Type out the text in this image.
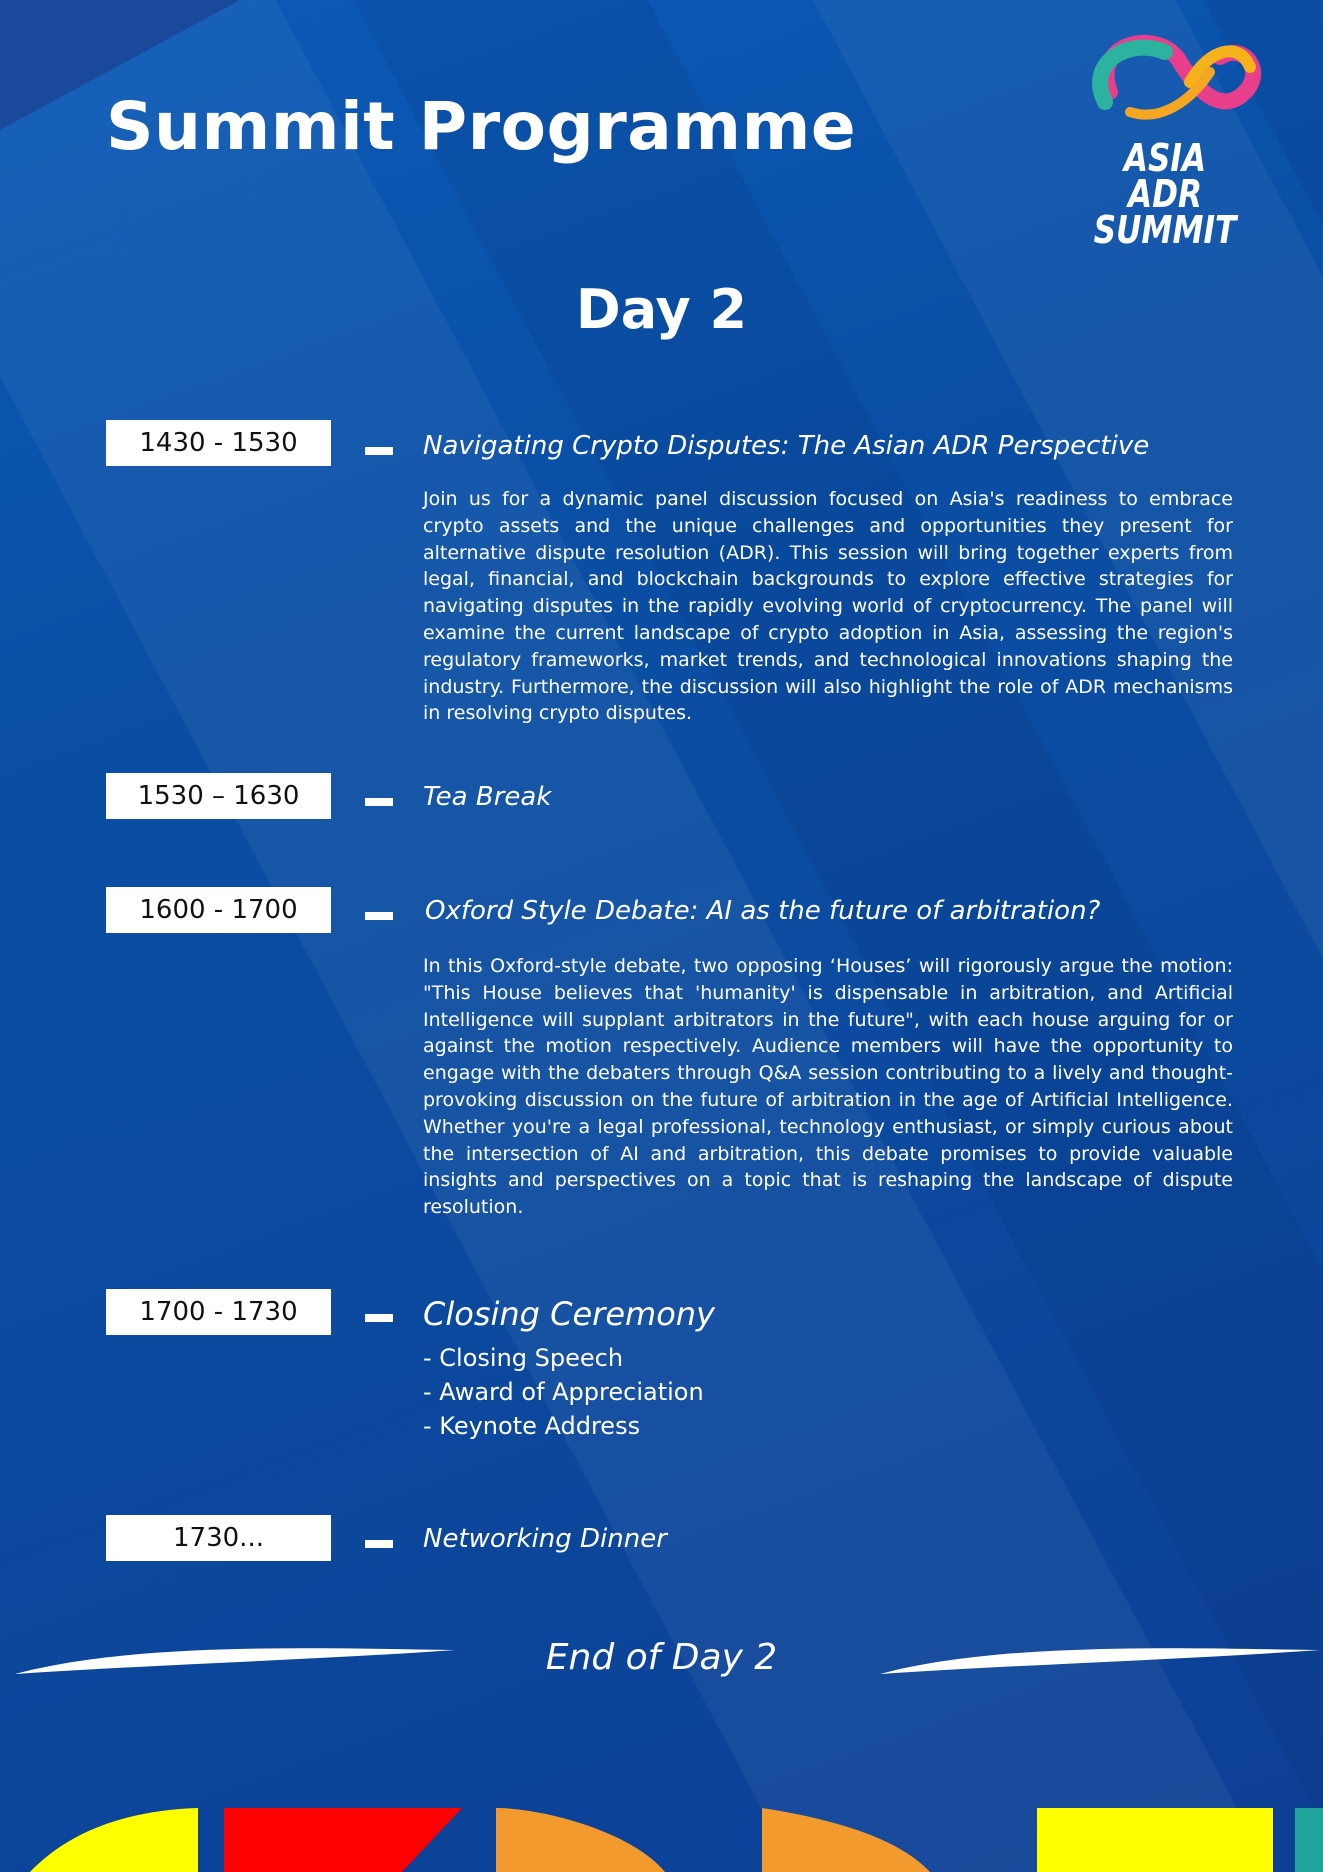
Summit Programme	ASIA ADR
SUMMIT
Day 2
1430 - 1530	Navigating Crypto Disputes: The Asian ADR Perspective

Join us for a dynamic panel discussion focused on Asia's readiness to embrace crypto assets and the unique challenges and opportunities they present for alternative dispute resolution (ADR). This session will bring together experts from legal, financial, and blockchain backgrounds to explore effective strategies for navigating disputes in the rapidly evolving world of cryptocurrency. The panel will examine the current landscape of crypto adoption in Asia, assessing the region's regulatory frameworks, market trends, and technological innovations shaping the industry. Furthermore, the discussion will also highlight the role of ADR mechanisms in resolving crypto disputes.

1530 – 1630	Tea Break
1600 - 1700	Oxford Style Debate: AI as the future of arbitration?

In this Oxford-style debate, two opposing ‘Houses’ will rigorously argue the motion: "This House believes that 'humanity' is dispensable in arbitration, and Artificial Intelligence will supplant arbitrators in the future", with each house arguing for or against the motion respectively. Audience members will have the opportunity to engage with the debaters through Q&A session contributing to a lively and thought-provoking discussion on the future of arbitration in the age of Artificial Intelligence. Whether you're a legal professional, technology enthusiast, or simply curious about the intersection of AI and arbitration, this debate promises to provide valuable insights and perspectives on a topic that is reshaping the landscape of dispute resolution.

1700 - 1730	Closing Ceremony
- Closing Speech
- Award of Appreciation
- Keynote Address
1730...	Networking Dinner
End of Day 2
